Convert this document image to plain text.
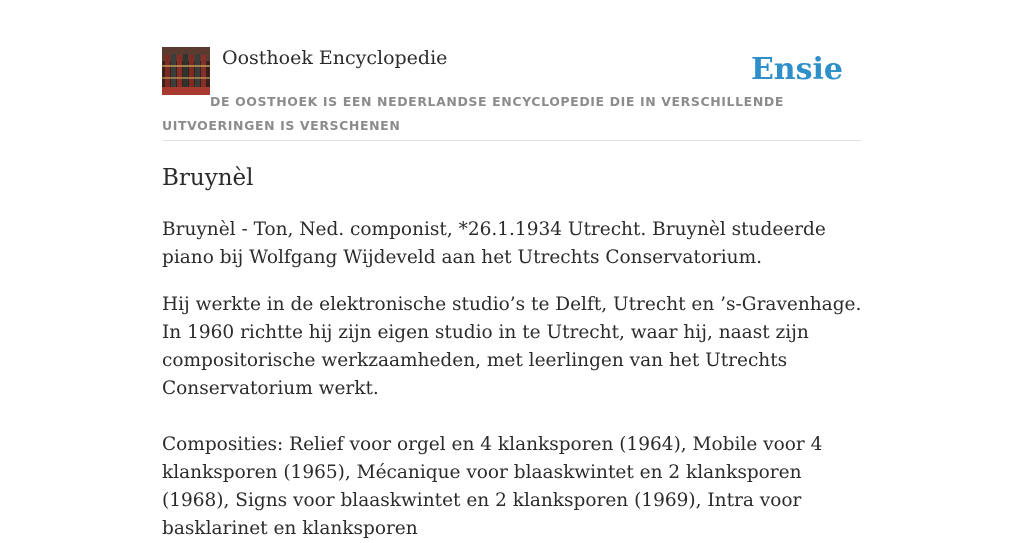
Oosthoek Encyclopedie	Ensie
DE OOSTHOEK IS EEN NEDERLANDSE ENCYCLOPEDIE DIE IN VERSCHILLENDE UITVOERINGEN IS VERSCHENEN
Bruynèl

Bruynèl - Ton, Ned. componist, *26.1.1934 Utrecht. Bruynèl studeerde piano bij Wolfgang Wijdeveld aan het Utrechts Conservatorium.

Hij werkte in de elektronische studio’s te Delft, Utrecht en ’s-Gravenhage. In 1960 richtte hij zijn eigen studio in te Utrecht, waar hij, naast zijn compositorische werkzaamheden, met leerlingen van het Utrechts Conservatorium werkt.

Composities: Relief voor orgel en 4 klanksporen (1964), Mobile voor 4 klanksporen (1965), Mécanique voor blaaskwintet en 2 klanksporen (1968), Signs voor blaaskwintet en 2 klanksporen (1969), Intra voor basklarinet en klanksporen
